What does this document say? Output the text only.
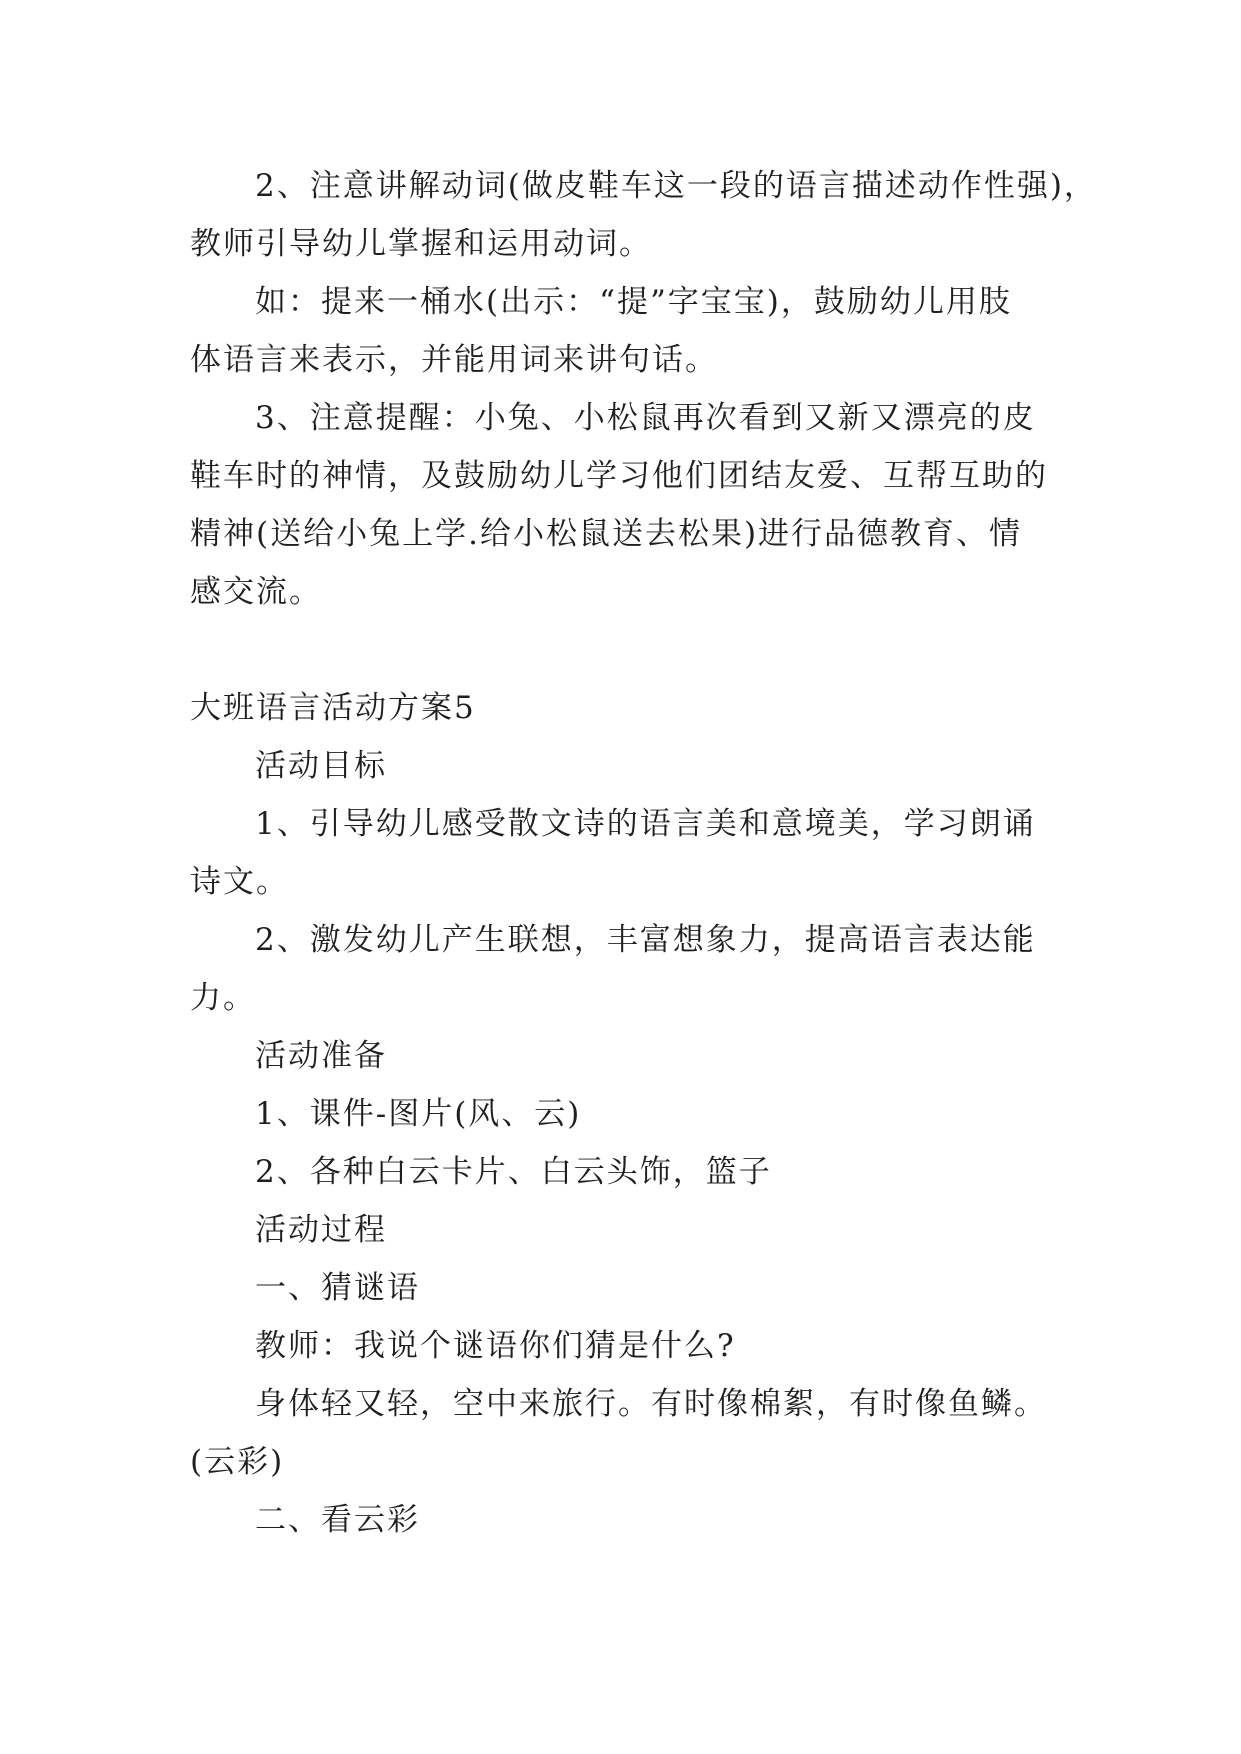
2、注意讲解动词(做皮鞋车这一段的语言描述动作性强)，
教师引导幼儿掌握和运用动词。
如：提来一桶水(出示：“提”字宝宝)，鼓励幼儿用肢
体语言来表示，并能用词来讲句话。
3、注意提醒：小兔、小松鼠再次看到又新又漂亮的皮
鞋车时的神情，及鼓励幼儿学习他们团结友爱、互帮互助的
精神(送给小兔上学.给小松鼠送去松果)进行品德教育、情
感交流。
大班语言活动方案5
活动目标
1、引导幼儿感受散文诗的语言美和意境美，学习朗诵
诗文。
2、激发幼儿产生联想，丰富想象力，提高语言表达能
力。
活动准备
1、课件-图片(风、云)
2、各种白云卡片、白云头饰，篮子
活动过程
一、猜谜语
教师：我说个谜语你们猜是什么?
身体轻又轻，空中来旅行。有时像棉絮，有时像鱼鳞。
(云彩)
二、看云彩
